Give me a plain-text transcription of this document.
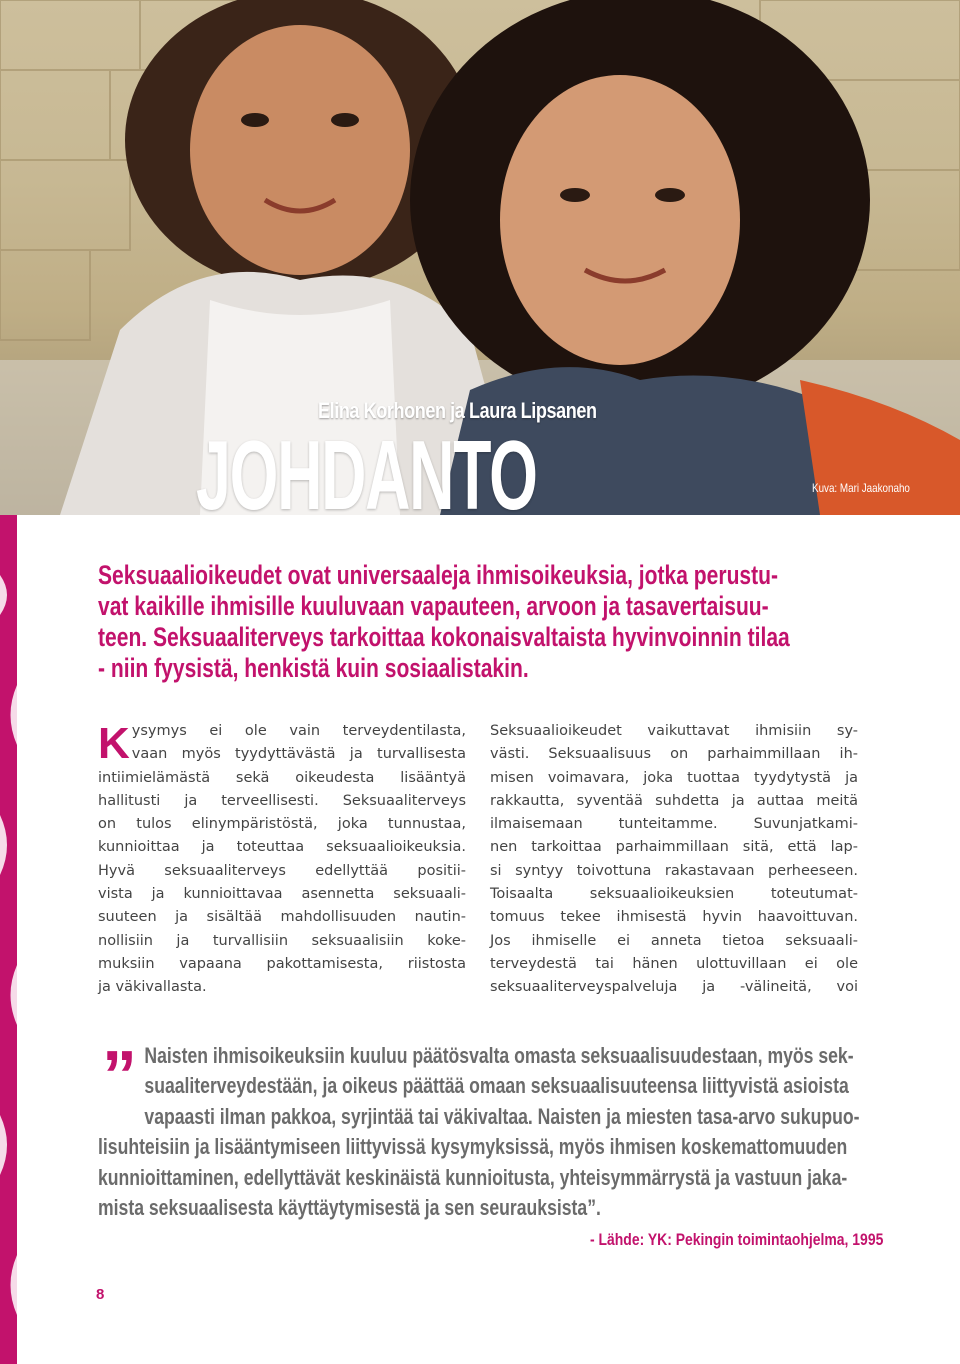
Elina Korhonen ja Laura Lipsanen
JOHDANTO	Kuva: Mari Jaakonaho
Seksuaalioikeudet ovat universaaleja ihmisoikeuksia, jotka perustu-
vat kaikille ihmisille kuuluvaan vapauteen, arvoon ja tasavertaisuu-
teen. Seksuaaliterveys tarkoittaa kokonaisvaltaista hyvinvoinnin tilaa
- niin fyysistä, henkistä kuin sosiaalistakin.
K ysymys ei ole vain terveydentilasta,
vaan myös tyydyttävästä ja turvallisesta
intiimielämästä sekä oikeudesta lisääntyä
hallitusti ja terveellisesti. Seksuaaliterveys
on tulos elinympäristöstä, joka tunnustaa,
kunnioittaa ja toteuttaa seksuaalioikeuksia.
Hyvä seksuaaliterveys edellyttää positii-
vista ja kunnioittavaa asennetta seksuaali-
suuteen ja sisältää mahdollisuuden nautin-
nollisiin ja turvallisiin seksuaalisiin koke-
muksiin vapaana pakottamisesta, riistosta
ja väkivallasta.
Seksuaalioikeudet vaikuttavat ihmisiin sy-
västi. Seksuaalisuus on parhaimmillaan ih-
misen voimavara, joka tuottaa tyydytystä ja
rakkautta, syventää suhdetta ja auttaa meitä
ilmaisemaan tunteitamme. Suvunjatkami-
nen tarkoittaa parhaimmillaan sitä, että lap-
si syntyy toivottuna rakastavaan perheeseen.
Toisaalta seksuaalioikeuksien toteutumat-
tomuus tekee ihmisestä hyvin haavoittuvan.
Jos ihmiselle ei anneta tietoa seksuaali-
terveydestä tai hänen ulottuvillaan ei ole
seksuaaliterveyspalveluja ja -välineitä, voi
” Naisten ihmisoikeuksiin kuuluu päätösvalta omasta seksuaalisuudestaan, myös sek-
suaaliterveydestään, ja oikeus päättää omaan seksuaalisuuteensa liittyvistä asioista
vapaasti ilman pakkoa, syrjintää tai väkivaltaa. Naisten ja miesten tasa-arvo sukupuo-
lisuhteisiin ja lisääntymiseen liittyvissä kysymyksissä, myös ihmisen koskemattomuuden
kunnioittaminen, edellyttävät keskinäistä kunnioitusta, yhteisymmärrystä ja vastuun jaka-
mista seksuaalisesta käyttäytymisestä ja sen seurauksista”.
- Lähde: YK: Pekingin toimintaohjelma, 1995
8
